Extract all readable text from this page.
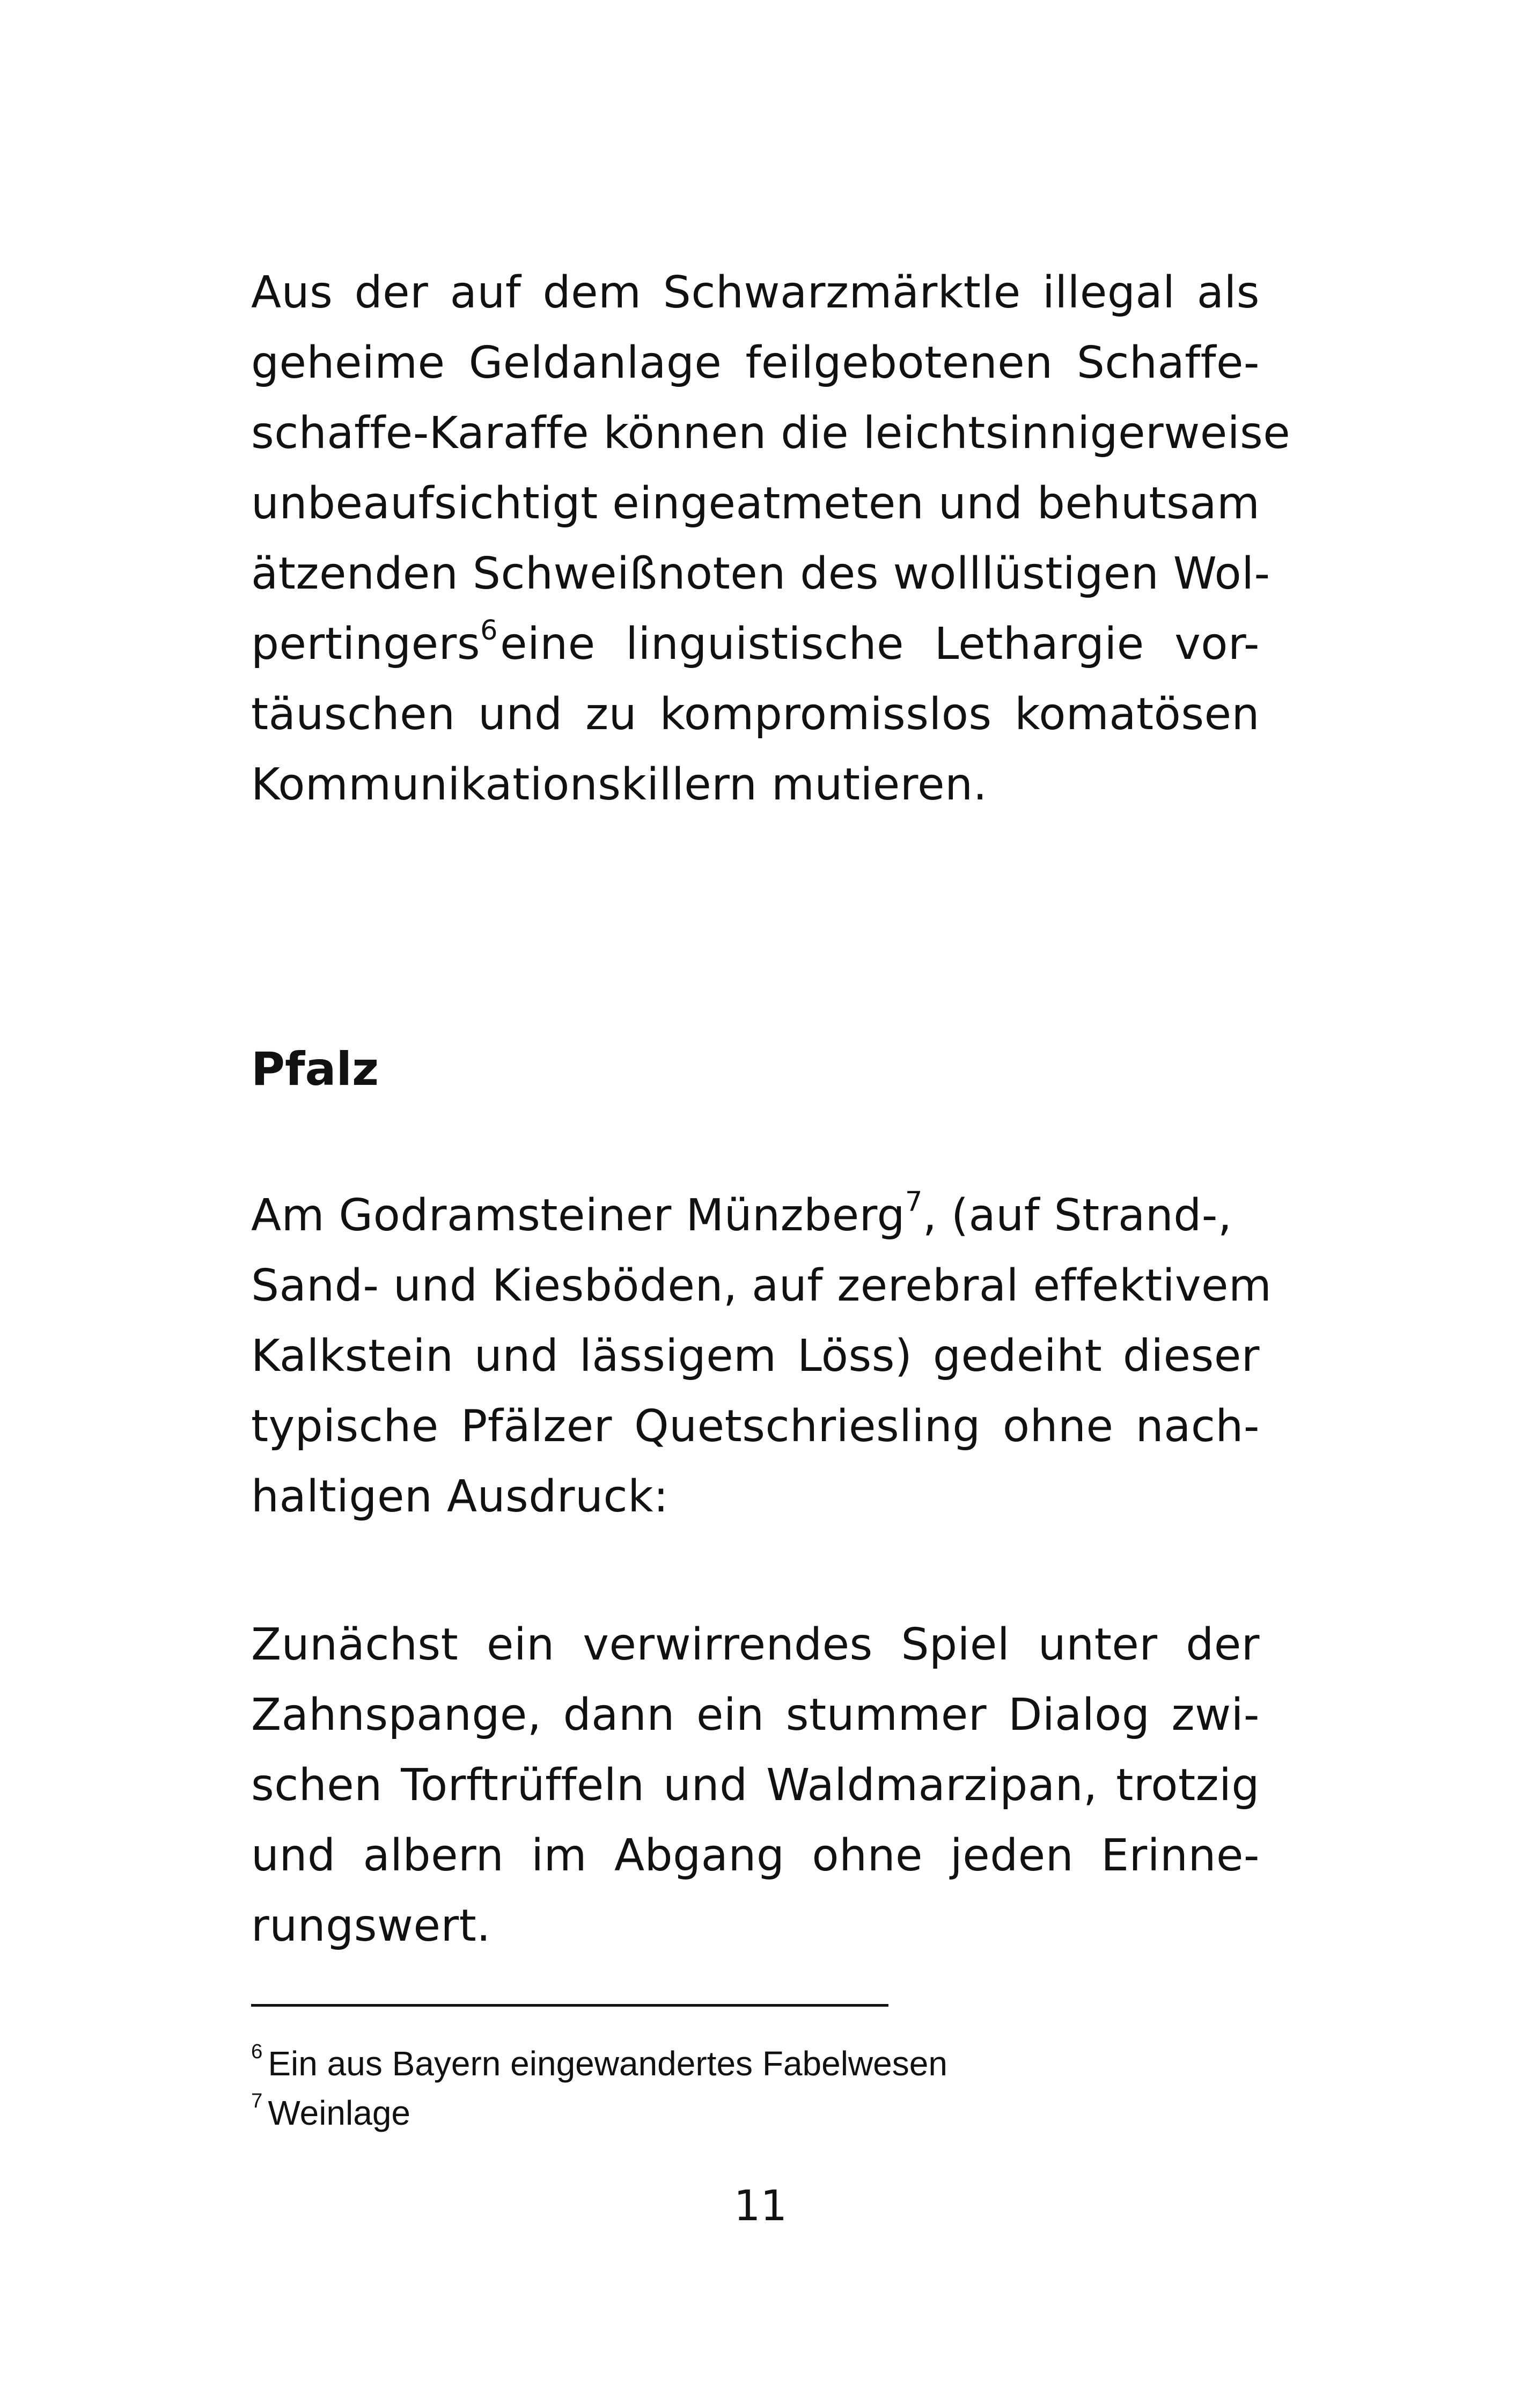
Aus der auf dem Schwarzmärktle illegal als
geheime Geldanlage feilgebotenen Schaffe-
schaffe-Karaffe können die leichtsinnigerweise
unbeaufsichtigt eingeatmeten und behutsam
ätzenden Schweißnoten des wolllüstigen Wol-
pertingers$^6$ eine linguistische Lethargie vor-
täuschen und zu kompromisslos komatösen
Kommunikationskillern mutieren.
Pfalz
Am Godramsteiner Münzberg$^7$, (auf Strand-,
Sand- und Kiesböden, auf zerebral effektivem
Kalkstein und lässigem Löss) gedeiht dieser
typische Pfälzer Quetschriesling ohne nach-
haltigen Ausdruck:
Zunächst ein verwirrendes Spiel unter der
Zahnspange, dann ein stummer Dialog zwi-
schen Torftrüffeln und Waldmarzipan, trotzig
und albern im Abgang ohne jeden Erinne-
rungswert.
$^6$ Ein aus Bayern eingewandertes Fabelwesen
$^7$ Weinlage
11
